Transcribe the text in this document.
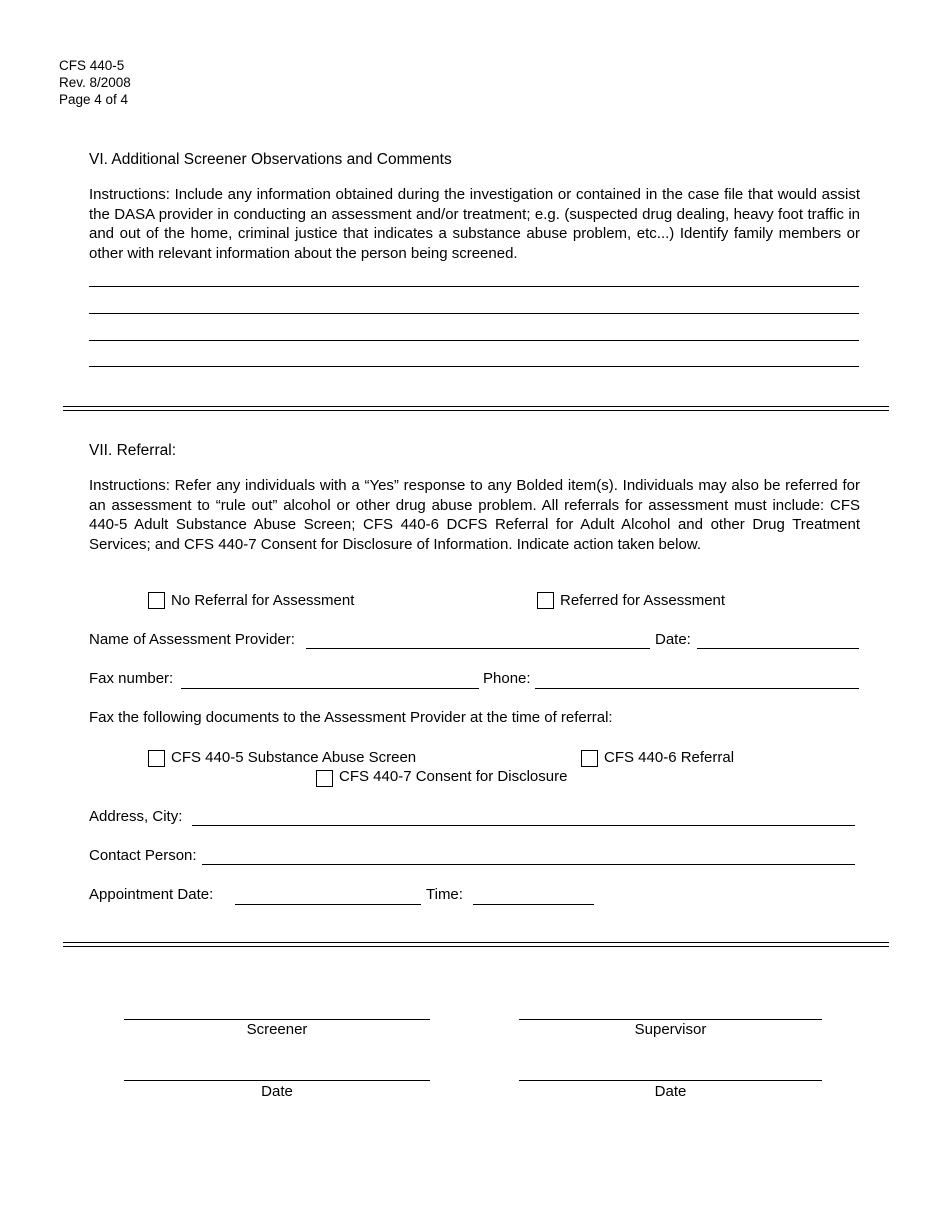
CFS 440-5
Rev. 8/2008
Page 4 of 4
VI. Additional Screener Observations and Comments
Instructions: Include any information obtained during the investigation or contained in the case file that would assist the DASA provider in conducting an assessment and/or treatment; e.g. (suspected drug dealing, heavy foot traffic in and out of the home, criminal justice that indicates a substance abuse problem, etc...) Identify family members or other with relevant information about the person being screened.
VII. Referral:
Instructions: Refer any individuals with a “Yes” response to any Bolded item(s). Individuals may also be referred for an assessment to “rule out” alcohol or other drug abuse problem. All referrals for assessment must include: CFS 440-5 Adult Substance Abuse Screen; CFS 440-6 DCFS Referral for Adult Alcohol and other Drug Treatment Services; and CFS 440-7 Consent for Disclosure of Information. Indicate action taken below.
No Referral for Assessment	Referred for Assessment
Name of Assessment Provider:	Date:
Fax number:	Phone:
Fax the following documents to the Assessment Provider at the time of referral:
CFS 440-5 Substance Abuse Screen	CFS 440-6 Referral
CFS 440-7 Consent for Disclosure
Address, City:
Contact Person:
Appointment Date:	Time:
Screener	Supervisor
Date	Date
